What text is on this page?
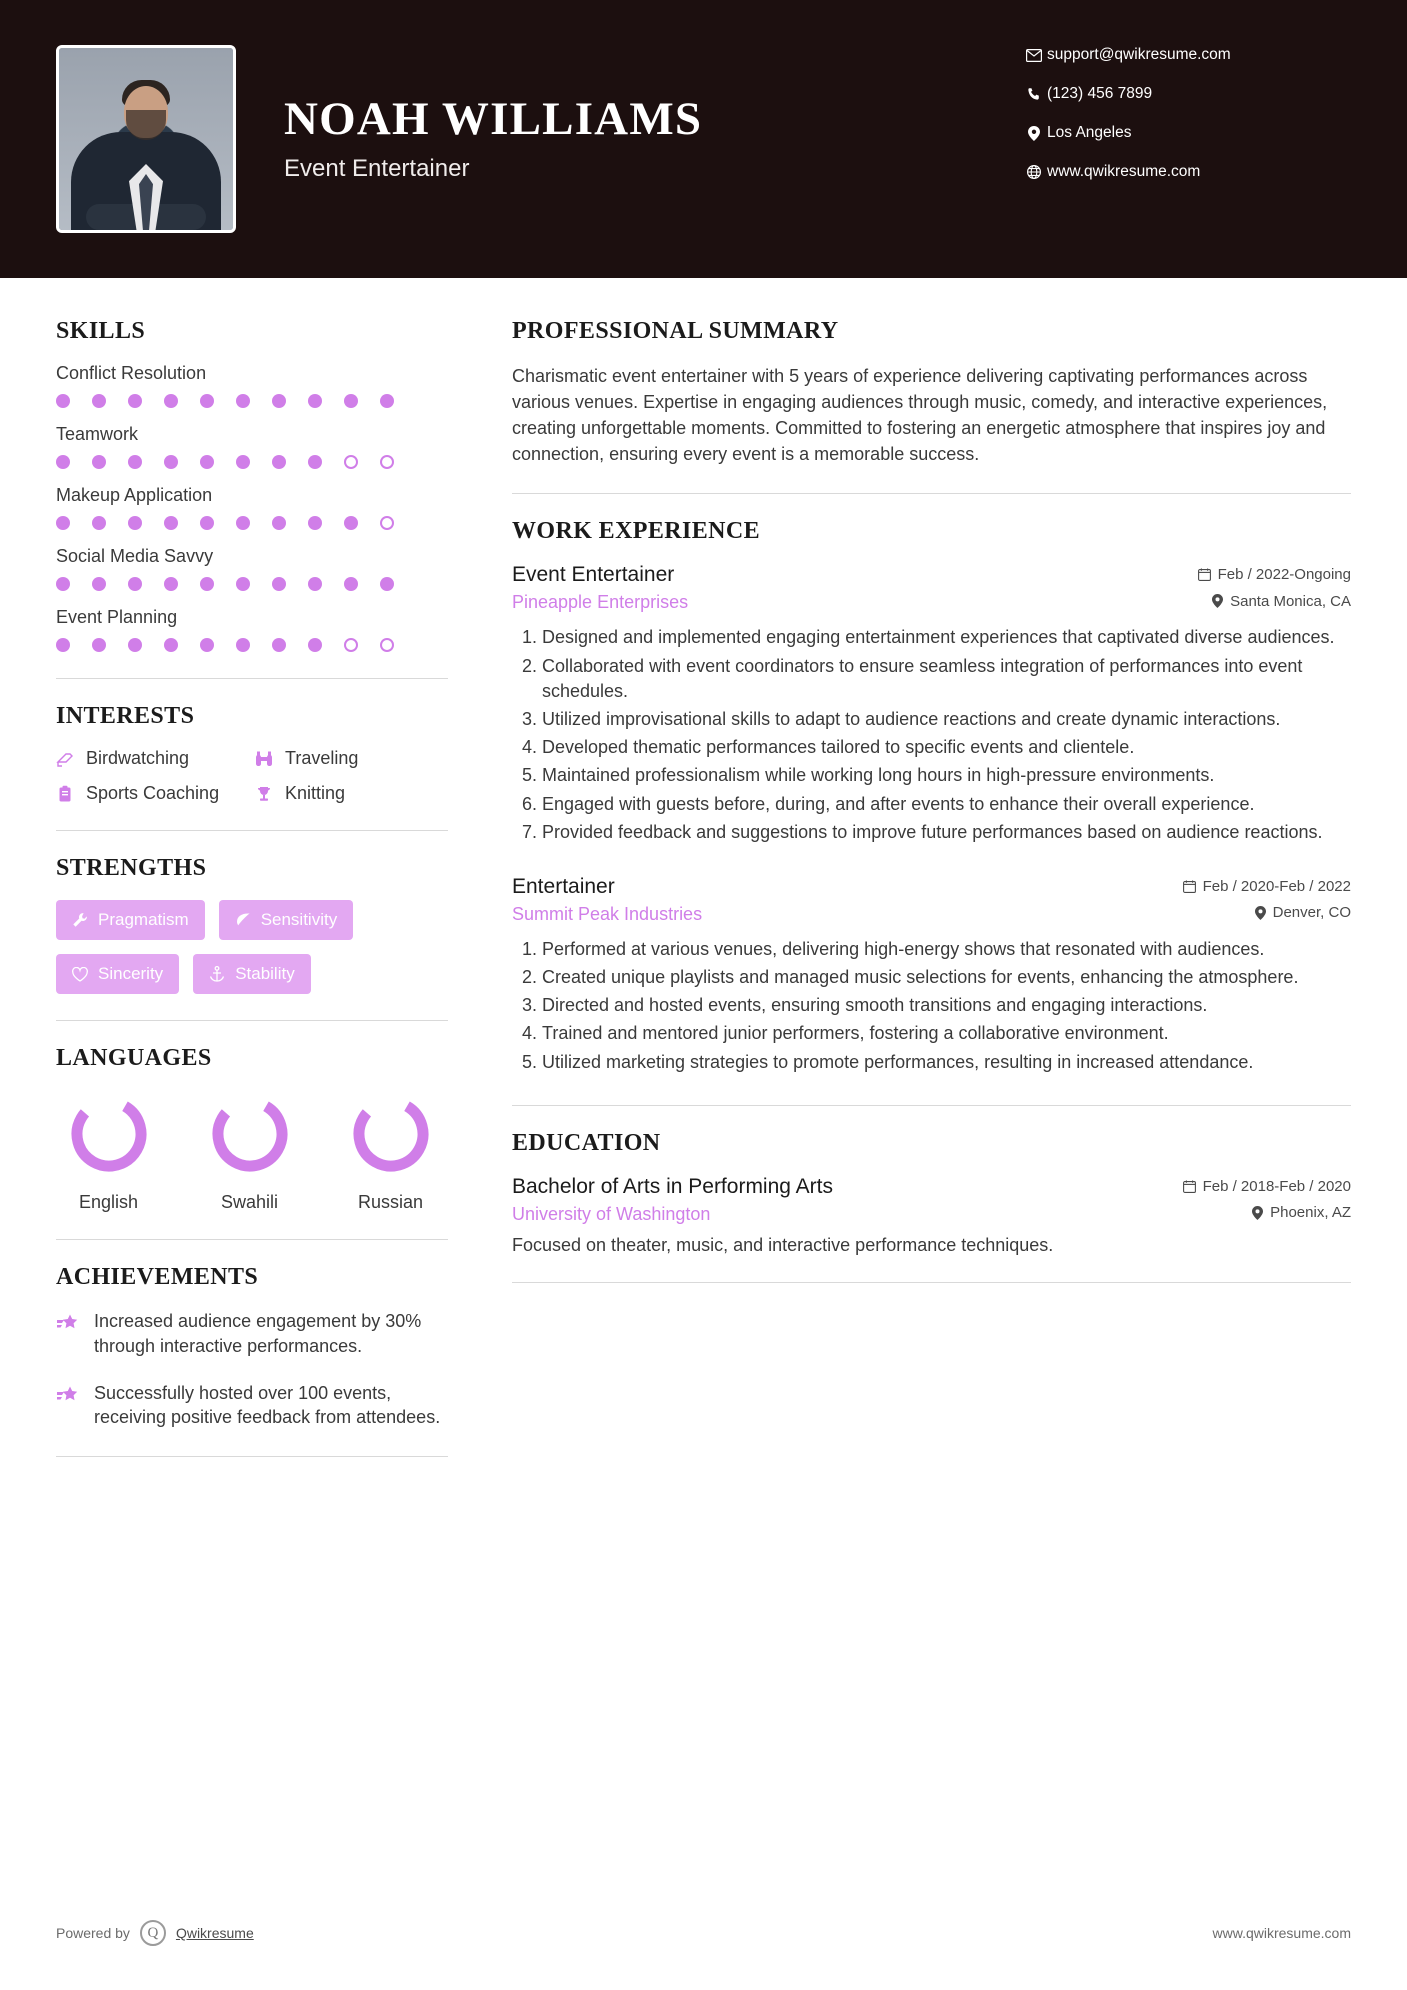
NOAH WILLIAMS
Event Entertainer
support@qwikresume.com
(123) 456 7899
Los Angeles
www.qwikresume.com
SKILLS
Conflict Resolution
Teamwork
Makeup Application
Social Media Savvy
Event Planning
INTERESTS
Birdwatching	Traveling
Sports Coaching	Knitting
STRENGTHS
Pragmatism	Sensitivity
Sincerity	Stability
LANGUAGES
English	Swahili	Russian
ACHIEVEMENTS
Increased audience engagement by 30% through interactive performances.
Successfully hosted over 100 events, receiving positive feedback from attendees.
PROFESSIONAL SUMMARY
Charismatic event entertainer with 5 years of experience delivering captivating performances across various venues. Expertise in engaging audiences through music, comedy, and interactive experiences, creating unforgettable moments. Committed to fostering an energetic atmosphere that inspires joy and connection, ensuring every event is a memorable success.
WORK EXPERIENCE
Event Entertainer	Feb / 2022-Ongoing
Pineapple Enterprises	Santa Monica, CA
1. Designed and implemented engaging entertainment experiences that captivated diverse audiences.
2. Collaborated with event coordinators to ensure seamless integration of performances into event schedules.
3. Utilized improvisational skills to adapt to audience reactions and create dynamic interactions.
4. Developed thematic performances tailored to specific events and clientele.
5. Maintained professionalism while working long hours in high-pressure environments.
6. Engaged with guests before, during, and after events to enhance their overall experience.
7. Provided feedback and suggestions to improve future performances based on audience reactions.
Entertainer	Feb / 2020-Feb / 2022
Summit Peak Industries	Denver, CO
1. Performed at various venues, delivering high-energy shows that resonated with audiences.
2. Created unique playlists and managed music selections for events, enhancing the atmosphere.
3. Directed and hosted events, ensuring smooth transitions and engaging interactions.
4. Trained and mentored junior performers, fostering a collaborative environment.
5. Utilized marketing strategies to promote performances, resulting in increased attendance.
EDUCATION
Bachelor of Arts in Performing Arts	Feb / 2018-Feb / 2020
University of Washington	Phoenix, AZ
Focused on theater, music, and interactive performance techniques.
Powered by	Q	Qwikresume	www.qwikresume.com
